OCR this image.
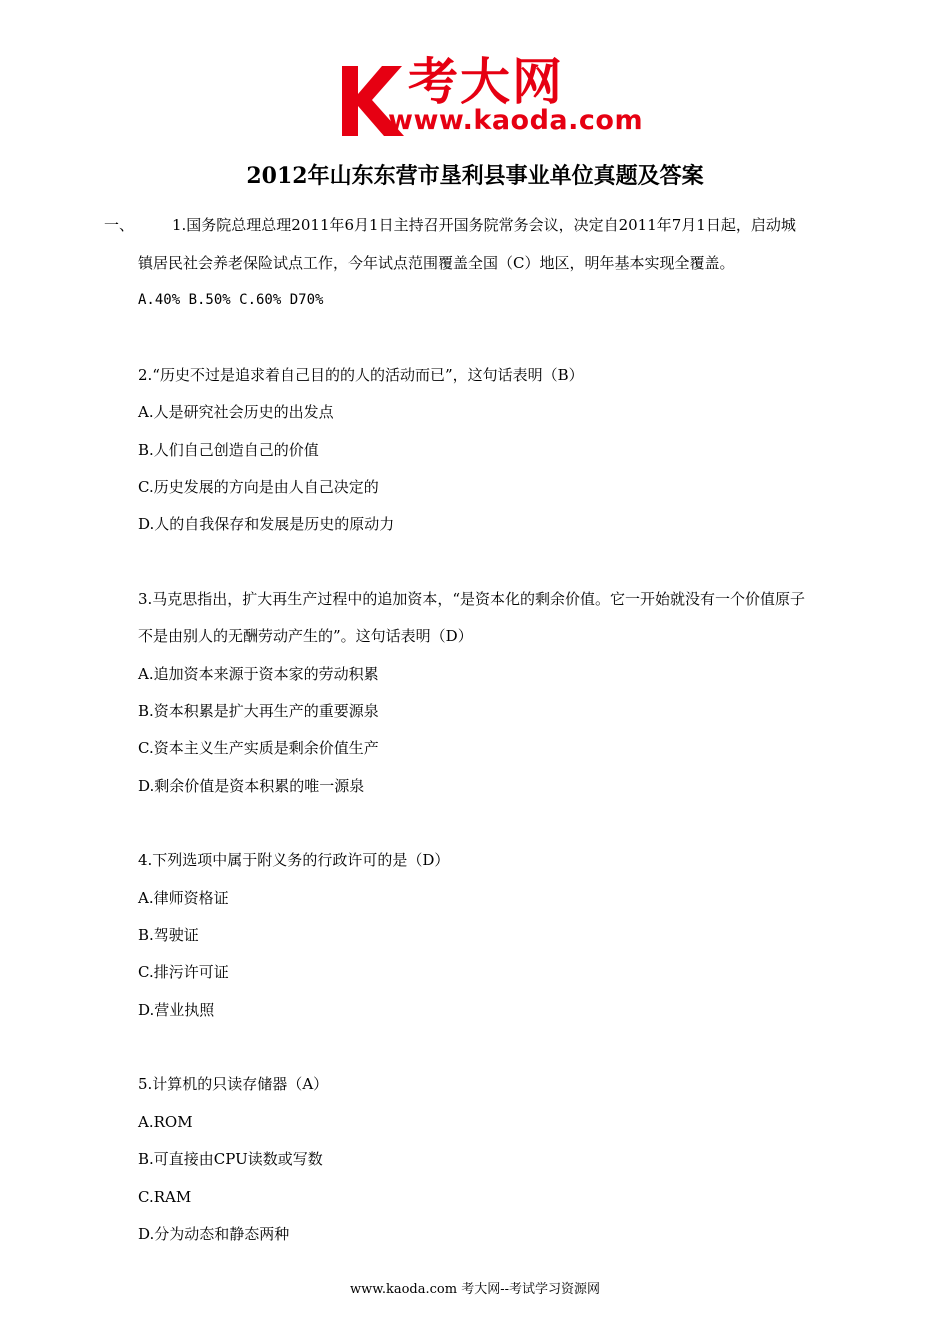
考大网
www.kaoda.com
2012年山东东营市垦利县事业单位真题及答案
一、	1.国务院总理总理2011年6月1日主持召开国务院常务会议，决定自2011年7月1日起，启动城
镇居民社会养老保险试点工作，今年试点范围覆盖全国（C）地区，明年基本实现全覆盖。
A.40% B.50% C.60% D70%
2.“历史不过是追求着自己目的的人的活动而已”，这句话表明（B）
A.人是研究社会历史的出发点
B.人们自己创造自己的价值
C.历史发展的方向是由人自己决定的
D.人的自我保存和发展是历史的原动力
3.马克思指出，扩大再生产过程中的追加资本，“是资本化的剩余价值。它一开始就没有一个价值原子
不是由别人的无酬劳动产生的”。这句话表明（D）
A.追加资本来源于资本家的劳动积累
B.资本积累是扩大再生产的重要源泉
C.资本主义生产实质是剩余价值生产
D.剩余价值是资本积累的唯一源泉
4.下列选项中属于附义务的行政许可的是（D）
A.律师资格证
B.驾驶证
C.排污许可证
D.营业执照
5.计算机的只读存储器（A）
A.ROM
B.可直接由CPU读数或写数
C.RAM
D.分为动态和静态两种
www.kaoda.com 考大网--考试学习资源网
